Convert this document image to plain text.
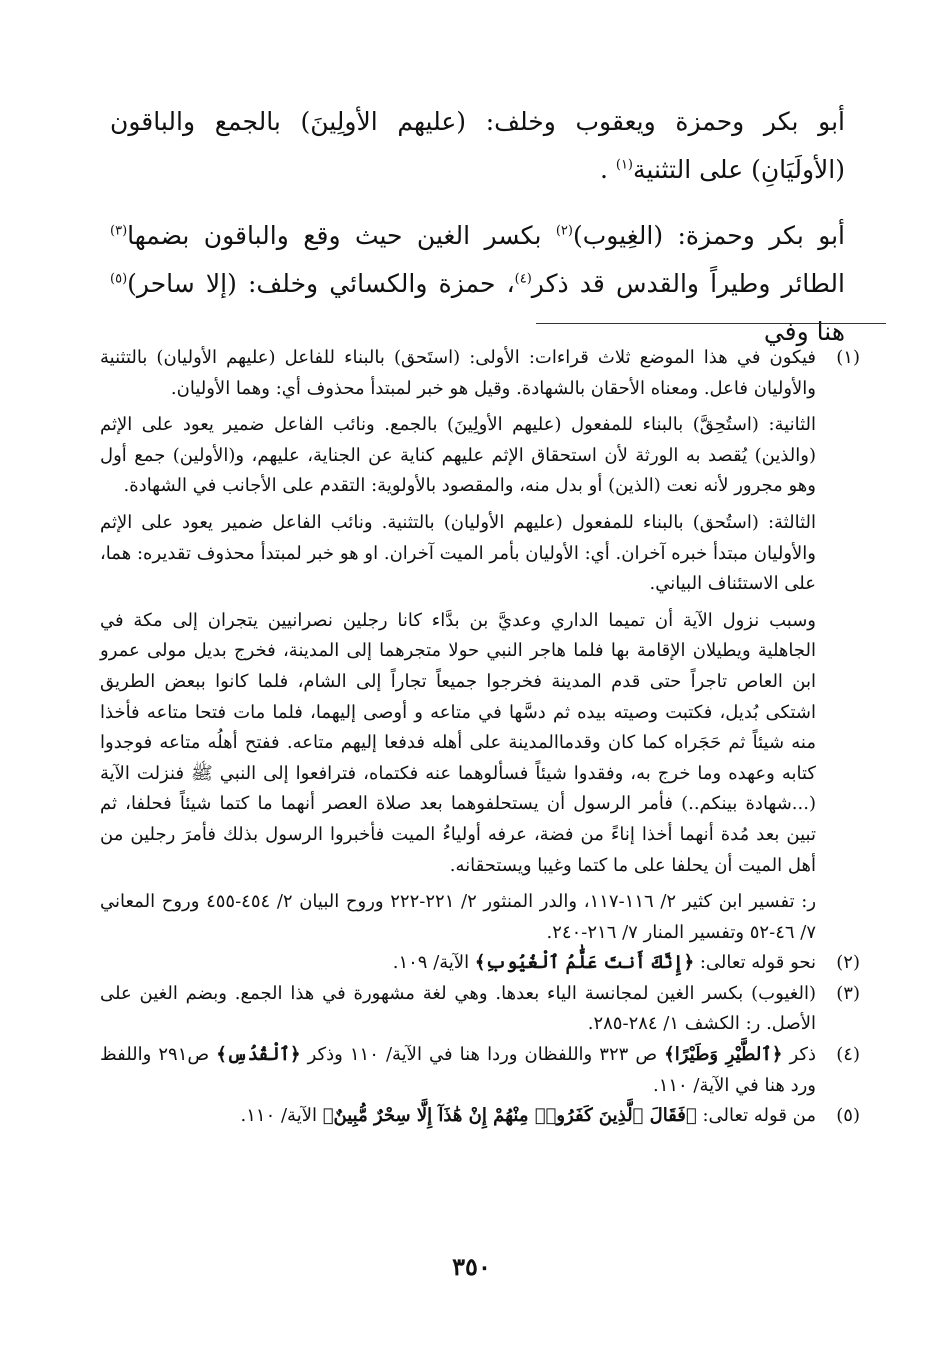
أبو بكر وحمزة ويعقوب وخلف: (عليهم الأولِينَ) بالجمع والباقون (الأولَيَانِ) على التثنية$^{(١)}$ .

أبو بكر وحمزة: (الغِيوب)$^{(٢)}$ بكسر الغين حيث وقع والباقون بضمها$^{(٣)}$ الطائر وطيراً والقدس قد ذكر$^{(٤)}$، حمزة والكسائي وخلف: (إلا ساحر)$^{(٥)}$ هنا وفي

(١)

فيكون في هذا الموضع ثلاث قراءات: الأولى: (استَحق) بالبناء للفاعل (عليهم الأوليان) بالتثنية والأوليان فاعل. ومعناه الأحقان بالشهادة. وقيل هو خبر لمبتدأ محذوف أي: وهما الأوليان.

الثانية: (استُحِقَّ) بالبناء للمفعول (عليهم الأولِينَ) بالجمع. ونائب الفاعل ضمير يعود على الإثم (والذين) يُقصد به الورثة لأن استحقاق الإثم عليهم كناية عن الجناية، عليهم، و(الأولين) جمع أول وهو مجرور لأنه نعت (الذين) أو بدل منه، والمقصود بالأولوية: التقدم على الأجانب في الشهادة.

الثالثة: (استُحق) بالبناء للمفعول (عليهم الأوليان) بالتثنية. ونائب الفاعل ضمير يعود على الإثم والأوليان مبتدأ خبره آخران. أي: الأوليان بأمر الميت آخران. او هو خبر لمبتدأ محذوف تقديره: هما، على الاستئناف البياني.

وسبب نزول الآية أن تميما الداري وعديَّ بن بدَّاء كانا رجلين نصرانيين يتجران إلى مكة في الجاهلية ويطيلان الإقامة بها فلما هاجر النبي حولا متجرهما إلى المدينة، فخرج بديل مولى عمرو ابن العاص تاجراً حتى قدم المدينة فخرجوا جميعاً تجاراً إلى الشام، فلما كانوا ببعض الطريق اشتكى بُديل، فكتبت وصيته بيده ثم دسَّها في متاعه و أوصى إليهما، فلما مات فتحا متاعه فأخذا منه شيئاً ثم حَجَراه كما كان وقدماالمدينة على أهله فدفعا إليهم متاعه. ففتح أهلُه متاعه فوجدوا كتابه وعهده وما خرج به، وفقدوا شيئاً فسألوهما عنه فكتماه، فترافعوا إلى النبي ﷺ فنزلت الآية (...شهادة بينكم..) فأمر الرسول أن يستحلفوهما بعد صلاة العصر أنهما ما كتما شيئاً فحلفا، ثم تبين بعد مُدة أنهما أخذا إناءً من فضة، عرفه أولياءُ الميت فأخبروا الرسول بذلك فأمرَ رجلين من أهل الميت أن يحلفا على ما كتما وغيبا ويستحقانه.

ر: تفسير ابن كثير ٢/ ١١٦-١١٧، والدر المنثور ٢/ ٢٢١-٢٢٢ وروح البيان ٢/ ٤٥٤-٤٥٥ وروح المعاني ٧/ ٤٦-٥٢ وتفسير المنار ٧/ ٢١٦-٢٤٠.

(٢)
نحو قوله تعالى: ﴿إِنَّكَ أَنتَ عَلَّٰمُ ٱلْغُيُوبِ﴾ الآية/ ١٠٩.
(٣)
(الغيوب) بكسر الغين لمجانسة الياء بعدها. وهي لغة مشهورة في هذا الجمع. وبضم الغين على الأصل. ر: الكشف ١/ ٢٨٤-٢٨٥.
(٤)
ذكر ﴿ٱلطَّيْرِ وَطَيْرًا﴾ ص ٣٢٣ واللفظان وردا هنا في الآية/ ١١٠ وذكر ﴿ٱلْقُدُسِ﴾ ص٢٩١ واللفظ ورد هنا في الآية/ ١١٠.
(٥)
من قوله تعالى: ﴿فَقَالَ ٱلَّذِينَ كَفَرُوا۟ مِنْهُمْ إِنْ هَٰذَآ إِلَّا سِحْرٌ مُّبِينٌ﴾ الآية/ ١١٠.
٣٥٠
